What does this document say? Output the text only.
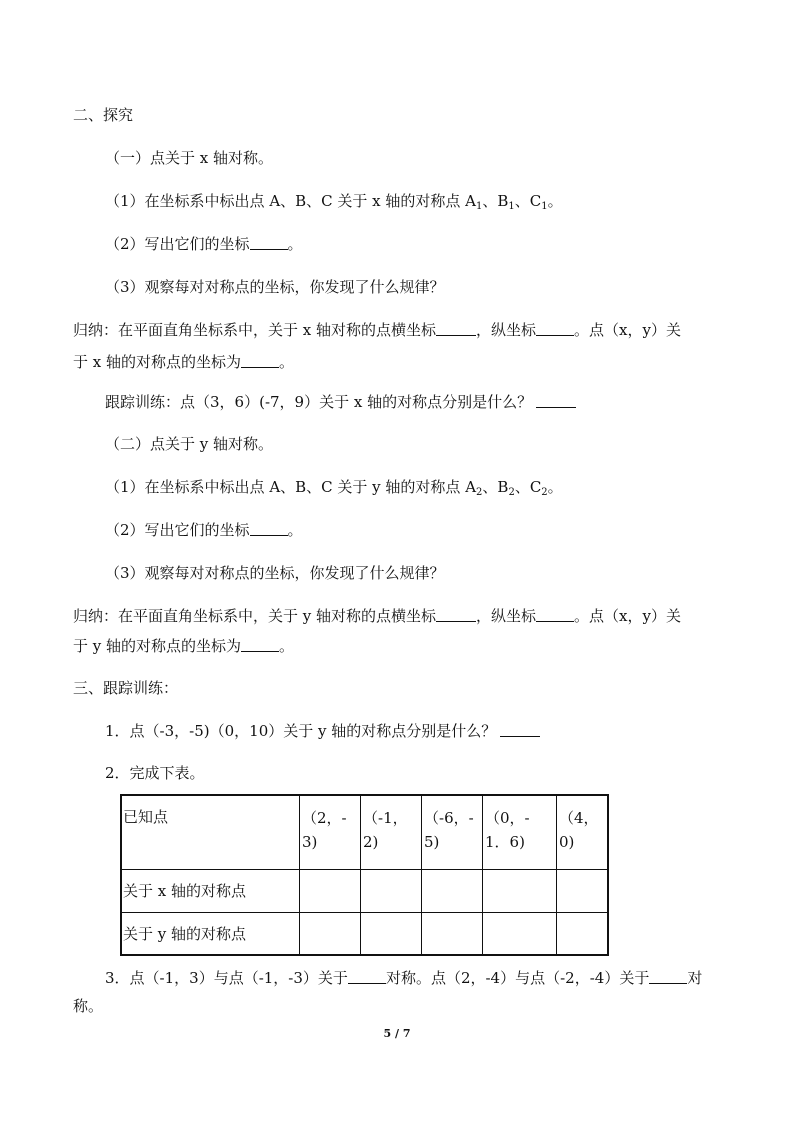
二、探究
（一）点关于 x 轴对称。
（1）在坐标系中标出点 A、B、C 关于 x 轴的对称点 $A_1$、$B_1$、$C_1$。
（2）写出它们的坐标	。
（3）观察每对对称点的坐标，你发现了什么规律？
归纳：在平面直角坐标系中，关于 x 轴对称的点横坐标	，纵坐标	。点（x，y）关
于 x 轴的对称点的坐标为	。
跟踪训练：点（3，6）(-7，9）关于 x 轴的对称点分别是什么？
（二）点关于 y 轴对称。
（1）在坐标系中标出点 A、B、C 关于 y 轴的对称点 $A_2$、$B_2$、$C_2$。
（2）写出它们的坐标	。
（3）观察每对对称点的坐标，你发现了什么规律？
归纳：在平面直角坐标系中，关于 y 轴对称的点横坐标	，纵坐标	。点（x，y）关
于 y 轴的对称点的坐标为	。
三、跟踪训练：
1．点（-3，-5)（0，10）关于 y 轴的对称点分别是什么？
2．完成下表。
已知点	（2，-3)	（-1，2)	（-6，-5)	（0，-1．6)	（4，0)

关于 x 轴的对称点					

关于 y 轴的对称点					

3．点（-1，3）与点（-1，-3）关于	对称。点（2，-4）与点（-2，-4）关于	对
称。
5 / 7
